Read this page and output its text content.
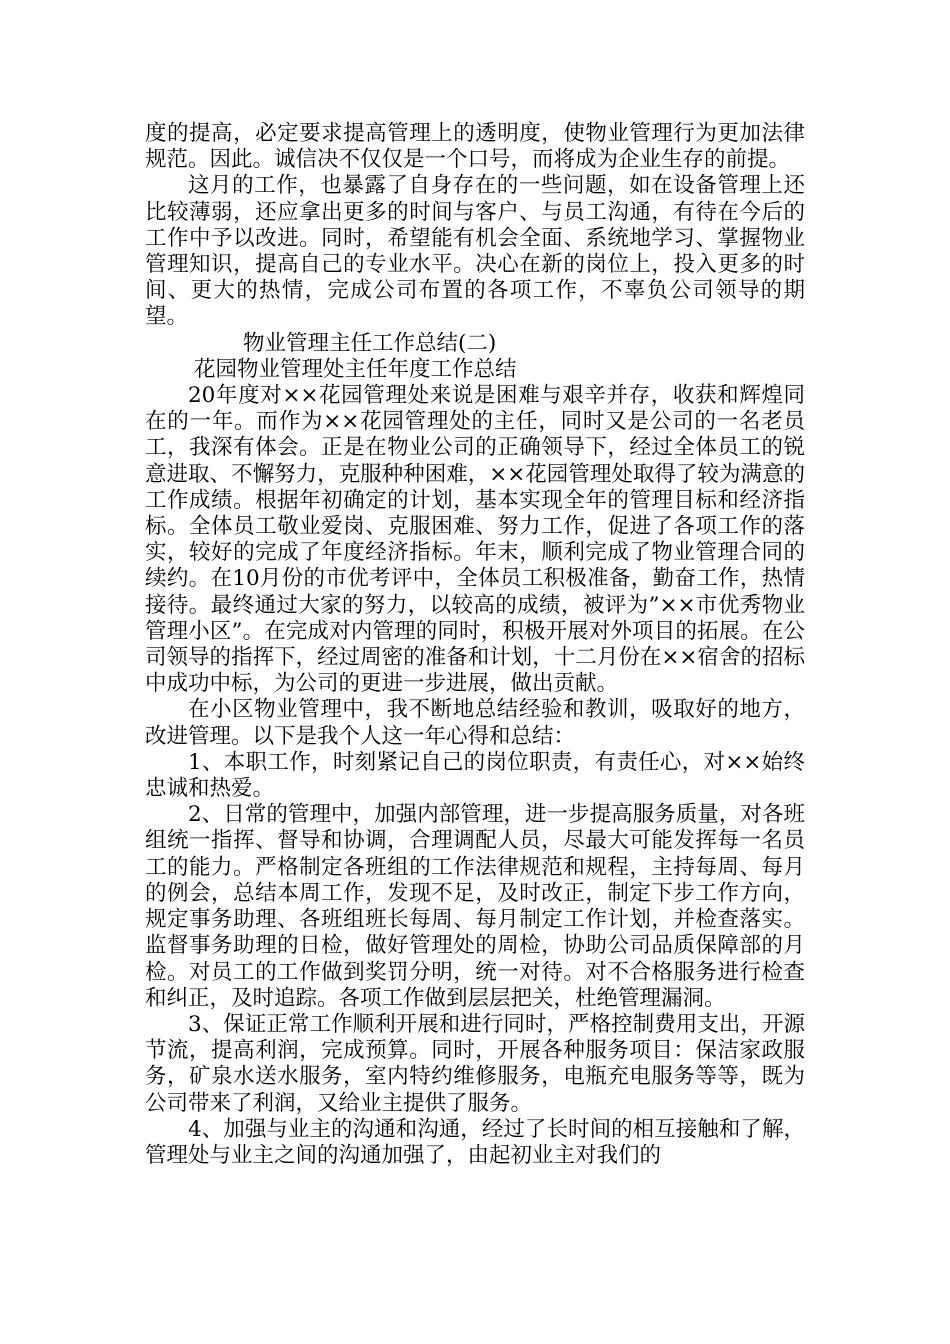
度的提高，必定要求提高管理上的透明度，使物业管理行为更加法律规范。因此。诚信决不仅仅是一个口号，而将成为企业生存的前提。

这月的工作，也暴露了自身存在的一些问题，如在设备管理上还比较薄弱，还应拿出更多的时间与客户、与员工沟通，有待在今后的工作中予以改进。同时，希望能有机会全面、系统地学习、掌握物业管理知识，提高自己的专业水平。决心在新的岗位上，投入更多的时间、更大的热情，完成公司布置的各项工作，不辜负公司领导的期望。

物业管理主任工作总结(二)

花园物业管理处主任年度工作总结

20年度对××花园管理处来说是困难与艰辛并存，收获和辉煌同在的一年。而作为××花园管理处的主任，同时又是公司的一名老员工，我深有体会。正是在物业公司的正确领导下，经过全体员工的锐意进取、不懈努力，克服种种困难，××花园管理处取得了较为满意的工作成绩。根据年初确定的计划，基本实现全年的管理目标和经济指标。全体员工敬业爱岗、克服困难、努力工作，促进了各项工作的落实，较好的完成了年度经济指标。年末，顺利完成了物业管理合同的续约。在10月份的市优考评中，全体员工积极准备，勤奋工作，热情接待。最终通过大家的努力，以较高的成绩，被评为”××市优秀物业管理小区”。在完成对内管理的同时，积极开展对外项目的拓展。在公司领导的指挥下，经过周密的准备和计划，十二月份在××宿舍的招标中成功中标，为公司的更进一步进展，做出贡献。

在小区物业管理中，我不断地总结经验和教训，吸取好的地方，改进管理。以下是我个人这一年心得和总结：

1、本职工作，时刻紧记自己的岗位职责，有责任心，对××始终忠诚和热爱。

2、日常的管理中，加强内部管理，进一步提高服务质量，对各班组统一指挥、督导和协调，合理调配人员，尽最大可能发挥每一名员工的能力。严格制定各班组的工作法律规范和规程，主持每周、每月的例会，总结本周工作，发现不足，及时改正，制定下步工作方向，规定事务助理、各班组班长每周、每月制定工作计划，并检查落实。监督事务助理的日检，做好管理处的周检，协助公司品质保障部的月检。对员工的工作做到奖罚分明，统一对待。对不合格服务进行检查和纠正，及时追踪。各项工作做到层层把关，杜绝管理漏洞。

3、保证正常工作顺利开展和进行同时，严格控制费用支出，开源节流，提高利润，完成预算。同时，开展各种服务项目：保洁家政服务，矿泉水送水服务，室内特约维修服务，电瓶充电服务等等，既为公司带来了利润，又给业主提供了服务。

4、加强与业主的沟通和沟通，经过了长时间的相互接触和了解，管理处与业主之间的沟通加强了，由起初业主对我们的
